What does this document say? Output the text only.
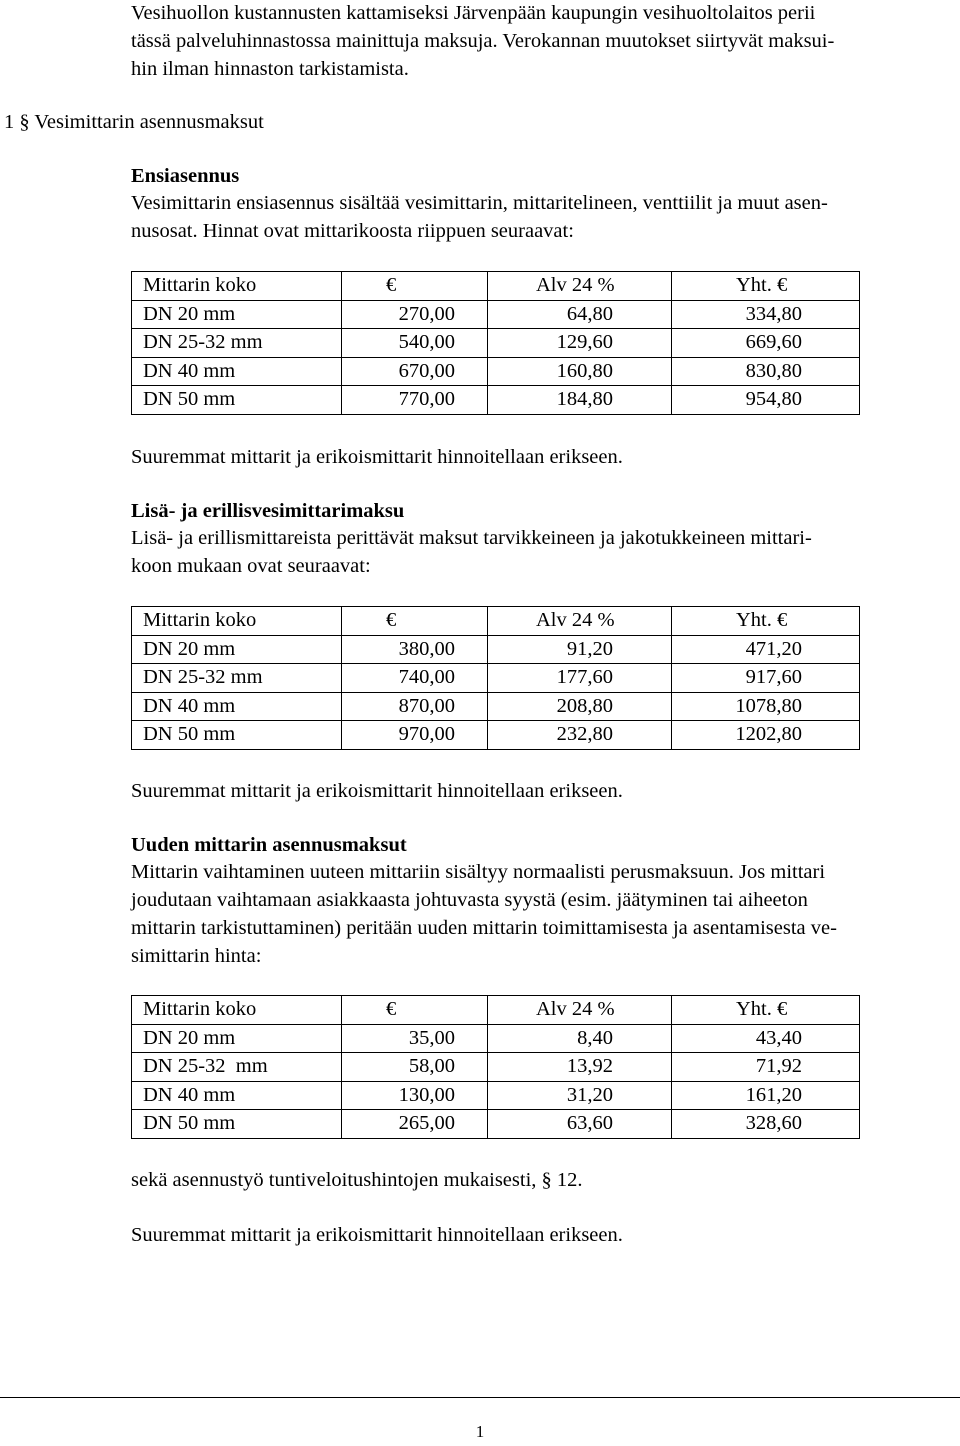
Vesihuollon kustannusten kattamiseksi Järvenpään kaupungin vesihuoltolaitos perii
tässä palveluhinnastossa mainittuja maksuja. Verokannan muutokset siirtyvät maksui-
hin ilman hinnaston tarkistamista.
1 § Vesimittarin asennusmaksut
Ensiasennus
Vesimittarin ensiasennus sisältää vesimittarin, mittaritelineen, venttiilit ja muut asen-
nusosat. Hinnat ovat mittarikoosta riippuen seuraavat:
Mittarin koko	€	Alv 24 %	Yht. €
DN 20 mm	270,00	64,80	334,80
DN 25-32 mm	540,00	129,60	669,60
DN 40 mm	670,00	160,80	830,80
DN 50 mm	770,00	184,80	954,80
Suuremmat mittarit ja erikoismittarit hinnoitellaan erikseen.
Lisä- ja erillisvesimittarimaksu
Lisä- ja erillismittareista perittävät maksut tarvikkeineen ja jakotukkeineen mittari-
koon mukaan ovat seuraavat:
Mittarin koko	€	Alv 24 %	Yht. €
DN 20 mm	380,00	91,20	471,20
DN 25-32 mm	740,00	177,60	917,60
DN 40 mm	870,00	208,80	1078,80
DN 50 mm	970,00	232,80	1202,80
Suuremmat mittarit ja erikoismittarit hinnoitellaan erikseen.
Uuden mittarin asennusmaksut
Mittarin vaihtaminen uuteen mittariin sisältyy normaalisti perusmaksuun. Jos mittari
joudutaan vaihtamaan asiakkaasta johtuvasta syystä (esim. jäätyminen tai aiheeton
mittarin tarkistuttaminen) peritään uuden mittarin toimittamisesta ja asentamisesta ve-
simittarin hinta:
Mittarin koko	€	Alv 24 %	Yht. €
DN 20 mm	35,00	8,40	43,40
DN 25-32  mm	58,00	13,92	71,92
DN 40 mm	130,00	31,20	161,20
DN 50 mm	265,00	63,60	328,60
sekä asennustyö tuntiveloitushintojen mukaisesti, § 12.
Suuremmat mittarit ja erikoismittarit hinnoitellaan erikseen.
1
